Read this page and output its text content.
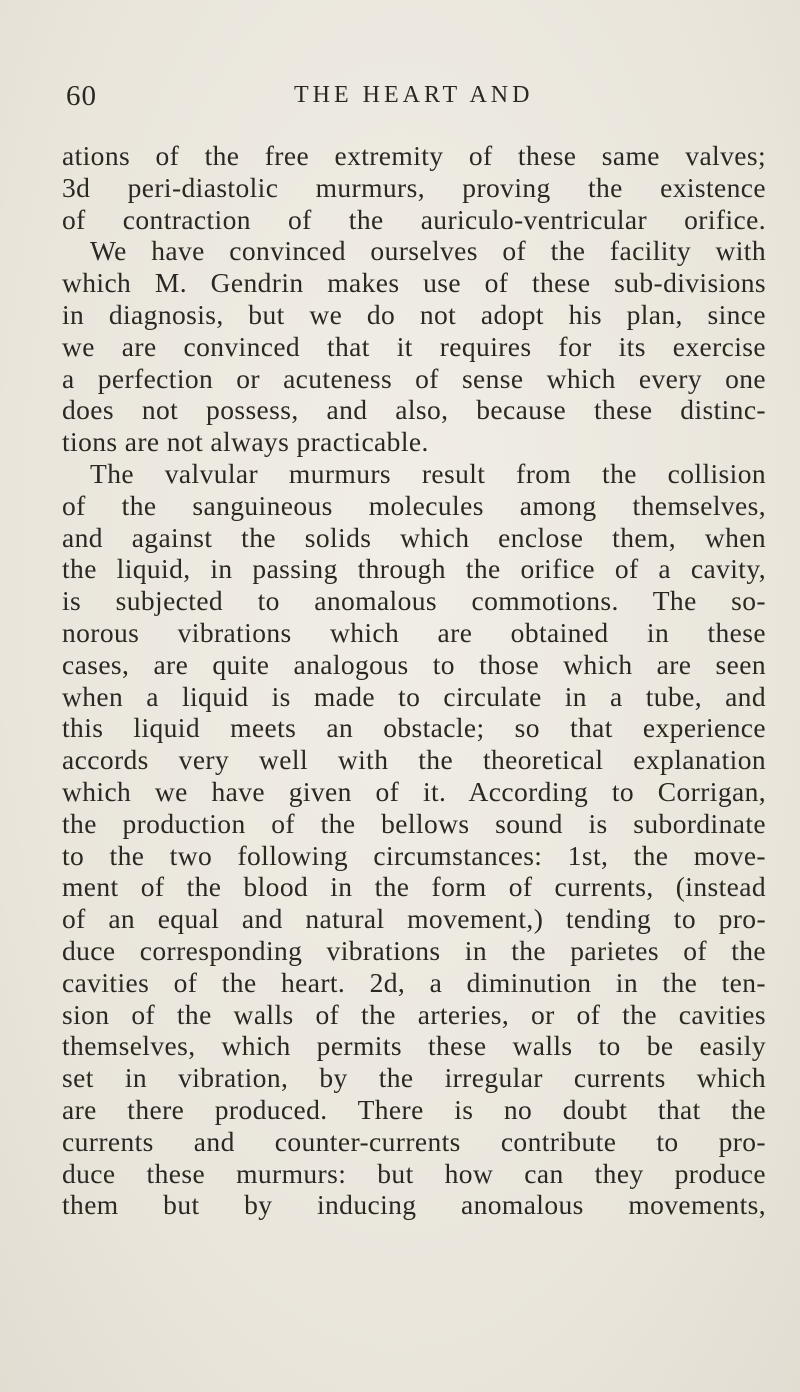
60	THE HEART AND
ations of the free extremity of these same valves;
3d peri-diastolic murmurs, proving the existence
of contraction of the auriculo-ventricular orifice.
We have convinced ourselves of the facility with
which M. Gendrin makes use of these sub-divisions
in diagnosis, but we do not adopt his plan, since
we are convinced that it requires for its exercise
a perfection or acuteness of sense which every one
does not possess, and also, because these distinc-
tions are not always practicable.
The valvular murmurs result from the collision
of the sanguineous molecules among themselves,
and against the solids which enclose them, when
the liquid, in passing through the orifice of a cavity,
is subjected to anomalous commotions. The so-
norous vibrations which are obtained in these
cases, are quite analogous to those which are seen
when a liquid is made to circulate in a tube, and
this liquid meets an obstacle; so that experience
accords very well with the theoretical explanation
which we have given of it. According to Corrigan,
the production of the bellows sound is subordinate
to the two following circumstances: 1st, the move-
ment of the blood in the form of currents, (instead
of an equal and natural movement,) tending to pro-
duce corresponding vibrations in the parietes of the
cavities of the heart. 2d, a diminution in the ten-
sion of the walls of the arteries, or of the cavities
themselves, which permits these walls to be easily
set in vibration, by the irregular currents which
are there produced. There is no doubt that the
currents and counter-currents contribute to pro-
duce these murmurs: but how can they produce
them but by inducing anomalous movements,
